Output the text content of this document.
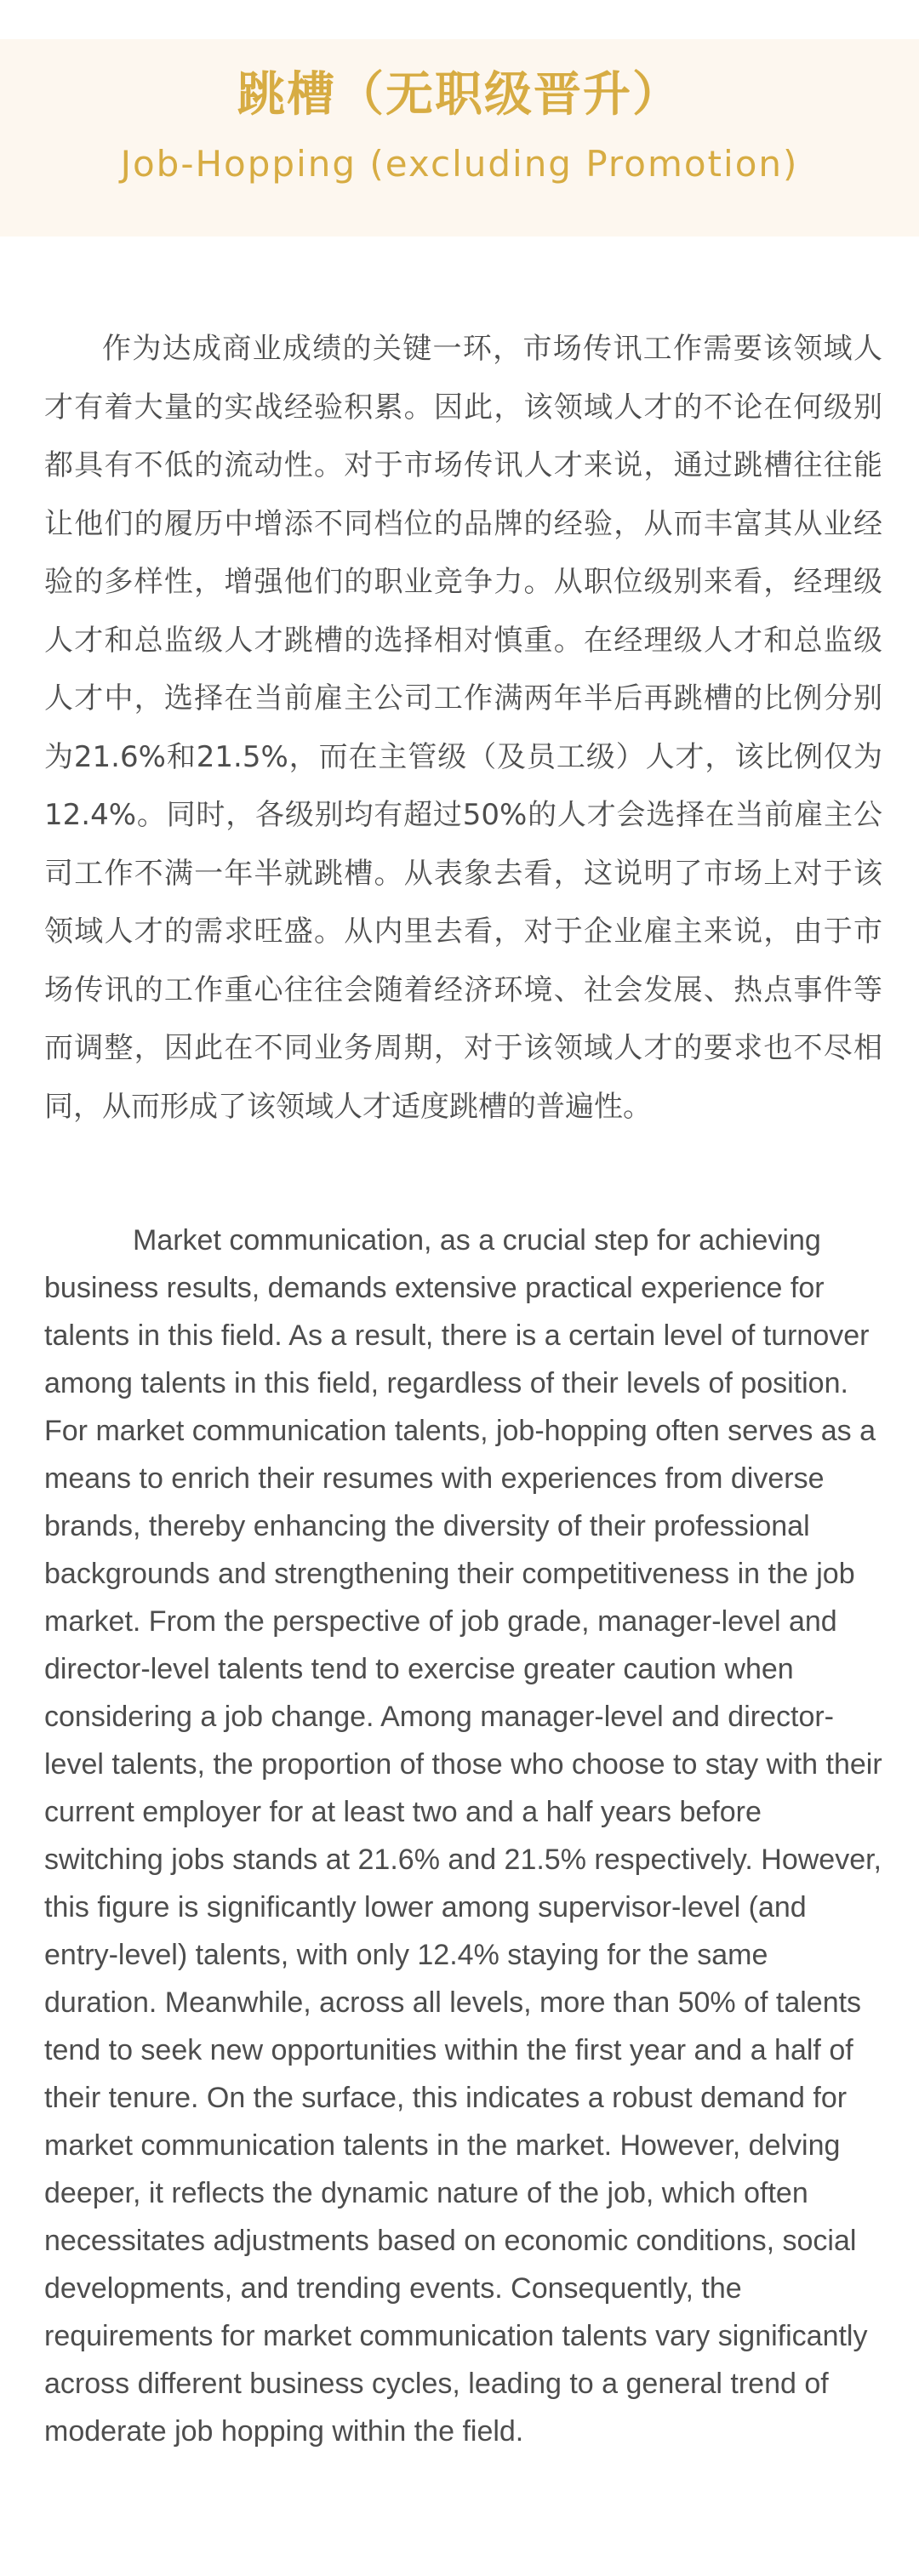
跳槽（无职级晋升）
Job-Hopping (excluding Promotion)

作为达成商业成绩的关键一环，市场传讯工作需要该领域人才有着大量的实战经验积累。因此，该领域人才的不论在何级别都具有不低的流动性。对于市场传讯人才来说，通过跳槽往往能让他们的履历中增添不同档位的品牌的经验，从而丰富其从业经验的多样性，增强他们的职业竞争力。从职位级别来看，经理级人才和总监级人才跳槽的选择相对慎重。在经理级人才和总监级人才中，选择在当前雇主公司工作满两年半后再跳槽的比例分别为21.6%和21.5%，而在主管级（及员工级）人才，该比例仅为12.4%。同时，各级别均有超过50%的人才会选择在当前雇主公司工作不满一年半就跳槽。从表象去看，这说明了市场上对于该领域人才的需求旺盛。从内里去看，对于企业雇主来说，由于市场传讯的工作重心往往会随着经济环境、社会发展、热点事件等而调整，因此在不同业务周期，对于该领域人才的要求也不尽相同，从而形成了该领域人才适度跳槽的普遍性。

Market communication, as a crucial step for achieving business results, demands extensive practical experience for talents in this field. As a result, there is a certain level of turnover among talents in this field, regardless of their levels of position. For market communication talents, job-hopping often serves as a means to enrich their resumes with experiences from diverse brands, thereby enhancing the diversity of their professional backgrounds and strengthening their competitiveness in the job market. From the perspective of job grade, manager-level and director-level talents tend to exercise greater caution when considering a job change. Among manager-level and director-level talents, the proportion of those who choose to stay with their current employer for at least two and a half years before switching jobs stands at 21.6% and 21.5% respectively. However, this figure is significantly lower among supervisor-level (and entry-level) talents, with only 12.4% staying for the same duration. Meanwhile, across all levels, more than 50% of talents tend to seek new opportunities within the first year and a half of their tenure. On the surface, this indicates a robust demand for market communication talents in the market. However, delving deeper, it reflects the dynamic nature of the job, which often necessitates adjustments based on economic conditions, social developments, and trending events. Consequently, the requirements for market communication talents vary significantly across different business cycles, leading to a general trend of moderate job hopping within the field.
